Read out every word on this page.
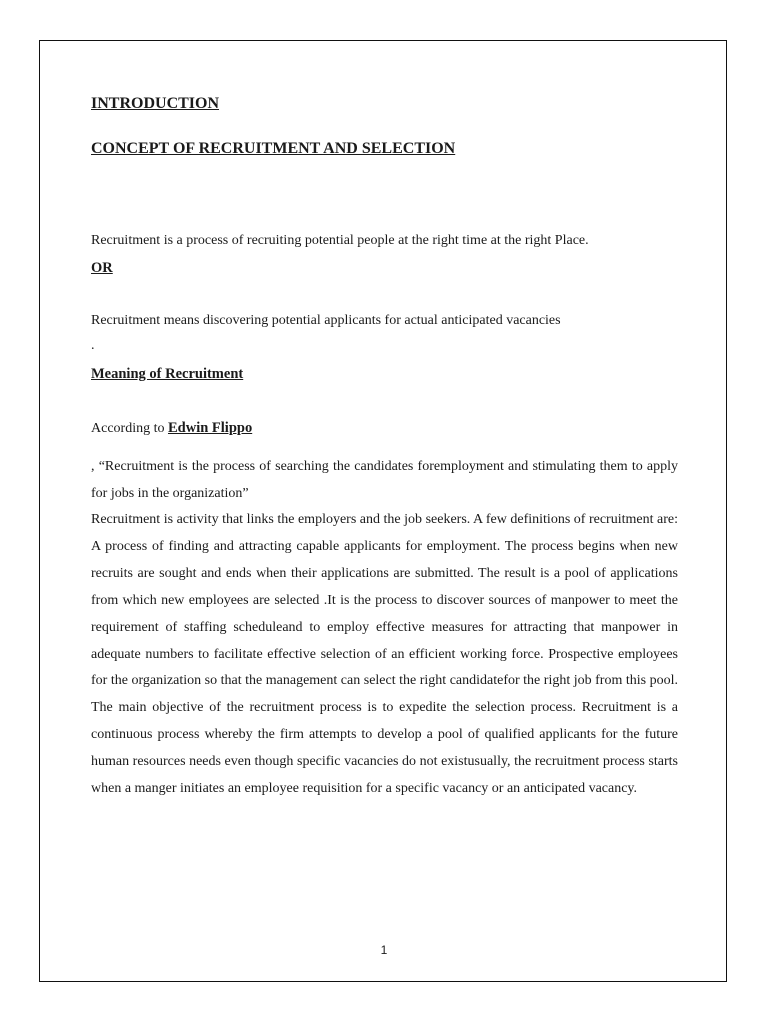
INTRODUCTION
CONCEPT OF RECRUITMENT AND SELECTION

Recruitment is a process of recruiting potential people at the right time at the right Place.

OR

Recruitment means discovering potential applicants for actual anticipated vacancies

.

Meaning of Recruitment

According to Edwin Flippo

, “Recruitment is the process of searching the candidates foremployment and stimulating them to apply for jobs in the organization”

Recruitment is activity that links the employers and the job seekers. A few definitions of recruitment are: A process of finding and attracting capable applicants for employment. The process begins when new recruits are sought and ends when their applications are submitted. The result is a pool of applications from which new employees are selected .It is the process to discover sources of manpower to meet the requirement of staffing scheduleand to employ effective measures for attracting that manpower in adequate numbers to facilitate effective selection of an efficient working force. Prospective employees for the organization so that the management can select the right candidatefor the right job from this pool. The main objective of the recruitment process is to expedite the selection process. Recruitment is a continuous process whereby the firm attempts to develop a pool of qualified applicants for the future human resources needs even though specific vacancies do not existusually, the recruitment process starts when a manger initiates an employee requisition for a specific vacancy or an anticipated vacancy.

1
